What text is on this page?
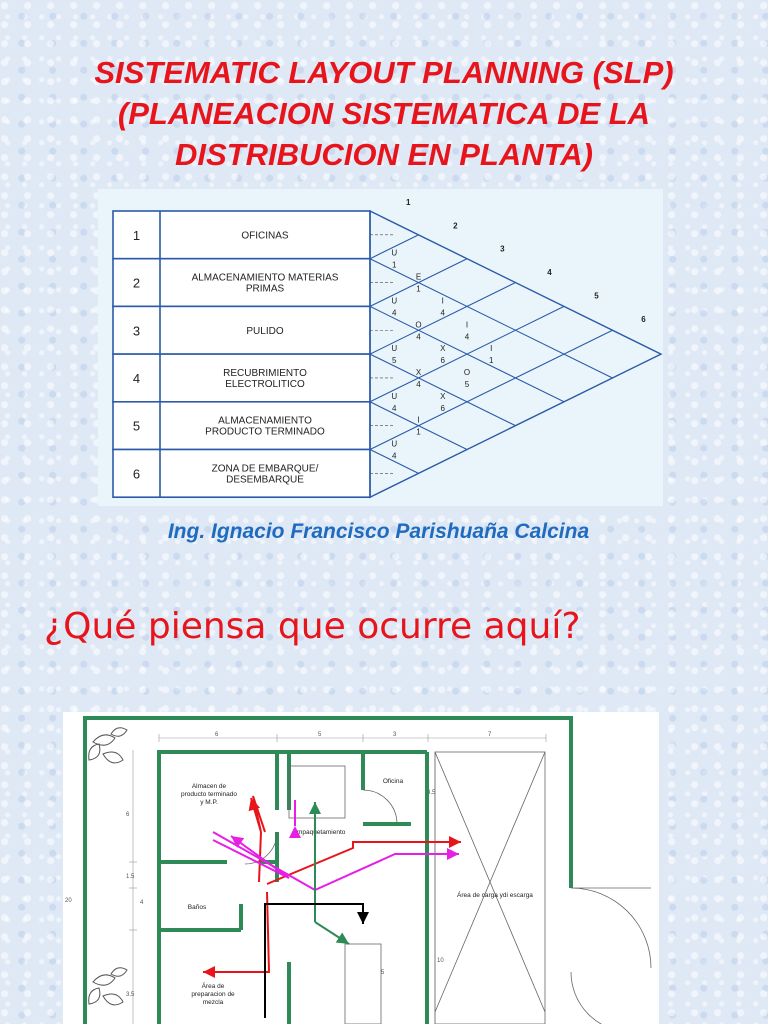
SISTEMATIC LAYOUT PLANNING (SLP)
(PLANEACION SISTEMATICA DE LA
DISTRIBUCION EN PLANTA)
1	OFICINAS
2	ALMACENAMIENTO MATERIAS
PRIMAS
3	PULIDO
4	RECUBRIMIENTO
ELECTROLITICO
5	ALMACENAMIENTO
PRODUCTO TERMINADO
6	ZONA DE EMBARQUE/
DESEMBARQUE
1
2
3
4
5
6
U
1
E
1
I
4
I
4
I
1
U
4
O
4
X
6
O
5
U
5
X
4
X
6
U
4
I
1
U
4
Ing. Ignacio Francisco Parishuaña Calcina
¿Qué piensa que ocurre aquí?
6	5	3	7
6
1.5
4
3.5
20
3.5
10
5
Almacen de
producto terminado
y M.P.
Empaquetamiento
Oficina
Baños
Área de carga ydi escarga
Área de
preparacion de
mezcla
